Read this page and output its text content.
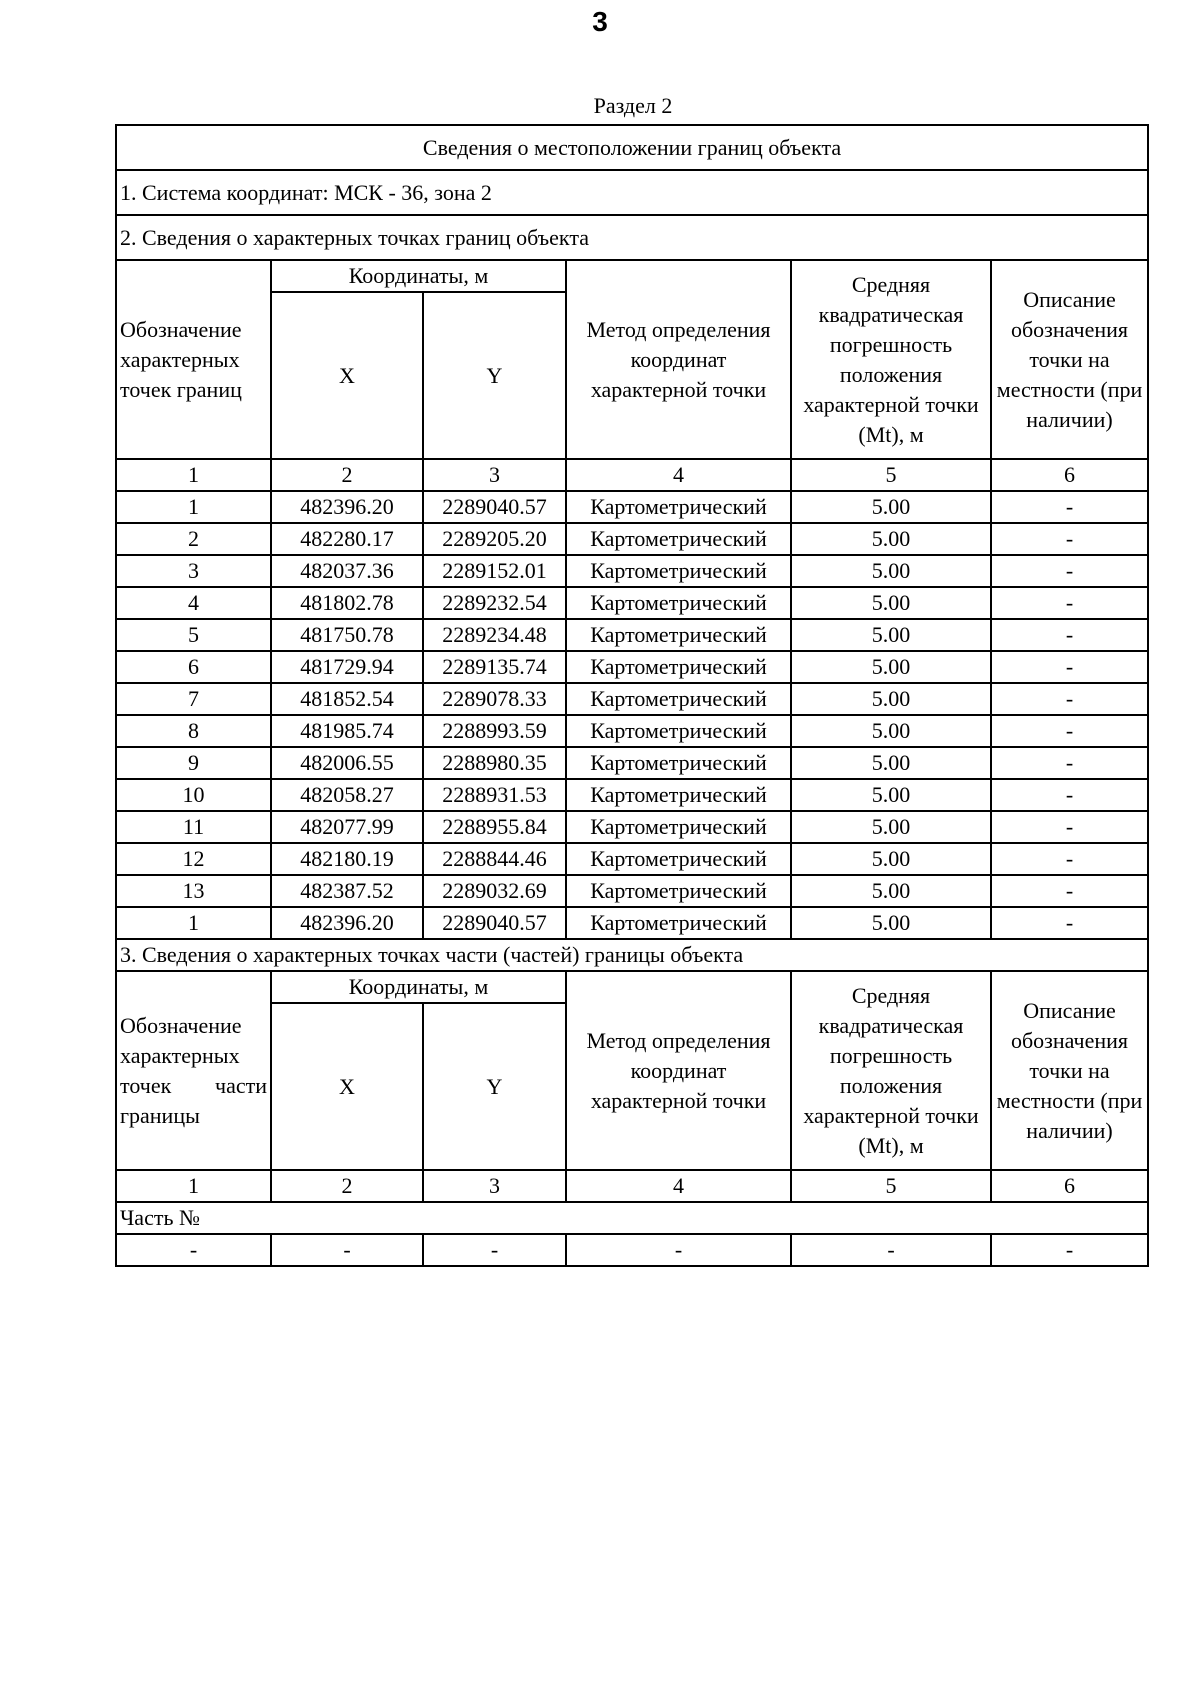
3
Раздел 2
Сведения о местоположении границ объекта					
1. Система координат: МСК - 36, зона 2					
2. Сведения о характерных точках границ объекта					
Обозначение характерных точек границ	Координаты, м		Метод определения координат характерной точки	Средняя квадратическая погрешность положения характерной точки (Mt), м	Описание обозначения точки на местности (при наличии)
	X	Y			
1	2	3	4	5	6
1	482396.20	2289040.57	Картометрический	5.00	-
2	482280.17	2289205.20	Картометрический	5.00	-
3	482037.36	2289152.01	Картометрический	5.00	-
4	481802.78	2289232.54	Картометрический	5.00	-
5	481750.78	2289234.48	Картометрический	5.00	-
6	481729.94	2289135.74	Картометрический	5.00	-
7	481852.54	2289078.33	Картометрический	5.00	-
8	481985.74	2288993.59	Картометрический	5.00	-
9	482006.55	2288980.35	Картометрический	5.00	-
10	482058.27	2288931.53	Картометрический	5.00	-
11	482077.99	2288955.84	Картометрический	5.00	-
12	482180.19	2288844.46	Картометрический	5.00	-
13	482387.52	2289032.69	Картометрический	5.00	-
1	482396.20	2289040.57	Картометрический	5.00	-
3. Сведения о характерных точках части (частей) границы объекта					
Обозначение характерных точек части границы	Координаты, м		Метод определения координат характерной точки	Средняя квадратическая погрешность положения характерной точки (Mt), м	Описание обозначения точки на местности (при наличии)
	X	Y			
1	2	3	4	5	6
Часть №					
-	-	-	-	-	-
